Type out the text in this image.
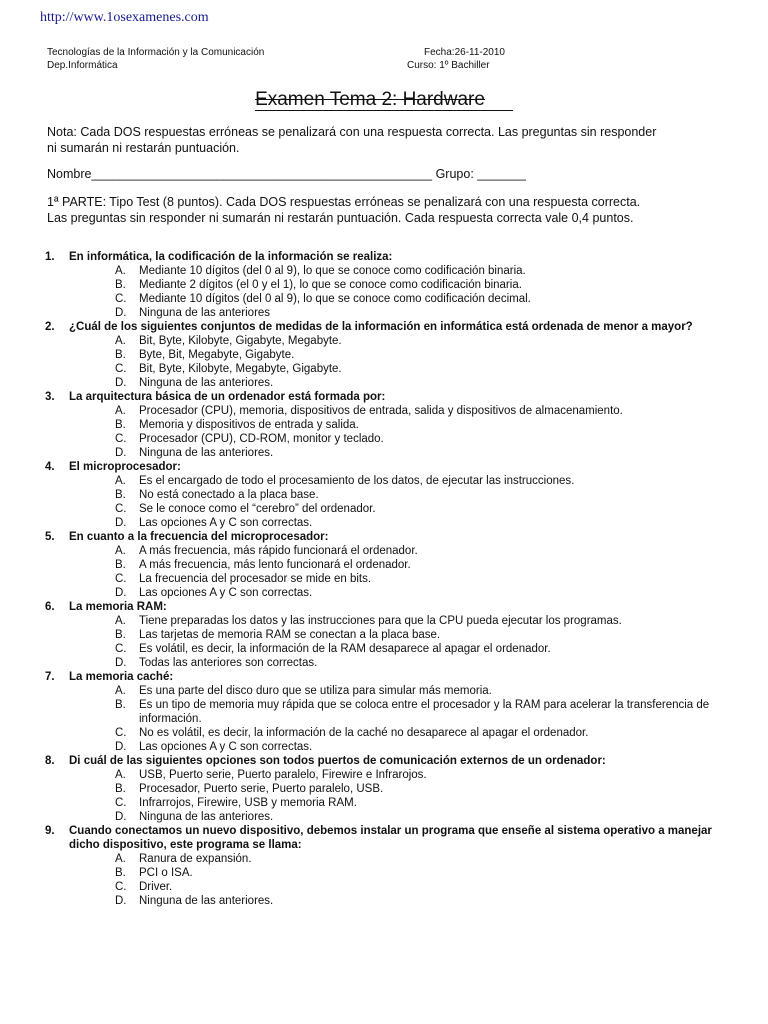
http://www.1osexamenes.com
Tecnologías de la Información y la Comunicación
Dep.Informática
Fecha:26-11-2010
Curso: 1º Bachiller
Examen Tema 2: Hardware
Nota: Cada DOS respuestas erróneas se penalizará con una respuesta correcta. Las preguntas sin responder ni sumarán ni restarán puntuación.
Nombre_________________________________________________ Grupo: _______
1ª PARTE: Tipo Test (8 puntos). Cada DOS respuestas erróneas se penalizará con una respuesta correcta. Las preguntas sin responder ni sumarán ni restarán puntuación. Cada respuesta correcta vale 0,4 puntos.
1.	En informática, la codificación de la información se realiza:
A.	Mediante 10 dígitos (del 0 al 9), lo que se conoce como codificación binaria.
B.	Mediante 2 dígitos (el 0 y el 1), lo que se conoce como codificación binaria.
C.	Mediante 10 dígitos (del 0 al 9), lo que se conoce como codificación decimal.
D.	Ninguna de las anteriores
2.	¿Cuál de los siguientes conjuntos de medidas de la información en informática está ordenada de menor a mayor?
A.	Bit, Byte, Kilobyte, Gigabyte, Megabyte.
B.	Byte, Bit, Megabyte, Gigabyte.
C.	Bit, Byte, Kilobyte, Megabyte, Gigabyte.
D.	Ninguna de las anteriores.
3.	La arquitectura básica de un ordenador está formada por:
A.	Procesador (CPU), memoria, dispositivos de entrada, salida y dispositivos de almacenamiento.
B.	Memoria y dispositivos de entrada y salida.
C.	Procesador (CPU), CD-ROM, monitor y teclado.
D.	Ninguna de las anteriores.
4.	El microprocesador:
A.	Es el encargado de todo el procesamiento de los datos, de ejecutar las instrucciones.
B.	No está conectado a la placa base.
C.	Se le conoce como el “cerebro” del ordenador.
D.	Las opciones A y C son correctas.
5.	En cuanto a la frecuencia del microprocesador:
A.	A más frecuencia, más rápido funcionará el ordenador.
B.	A más frecuencia, más lento funcionará el ordenador.
C.	La frecuencia del procesador se mide en bits.
D.	Las opciones A y C son correctas.
6.	La memoria RAM:
A.	Tiene preparadas los datos y las instrucciones para que la CPU pueda ejecutar los programas.
B.	Las tarjetas de memoria RAM se conectan a la placa base.
C.	Es volátil, es decir, la información de la RAM desaparece al apagar el ordenador.
D.	Todas las anteriores son correctas.
7.	La memoria caché:
A.	Es una parte del disco duro que se utiliza para simular más memoria.
B.	Es un tipo de memoria muy rápida que se coloca entre el procesador y la RAM para acelerar la transferencia de información.
C.	No es volátil, es decir, la información de la caché no desaparece al apagar el ordenador.
D.	Las opciones A y C son correctas.
8.	Di cuál de las siguientes opciones son todos puertos de comunicación externos de un ordenador:
A.	USB, Puerto serie, Puerto paralelo, Firewire e Infrarojos.
B.	Procesador, Puerto serie, Puerto paralelo, USB.
C.	Infrarrojos, Firewire, USB y memoria RAM.
D.	Ninguna de las anteriores.
9.	Cuando conectamos un nuevo dispositivo, debemos instalar un programa que enseñe al sistema operativo a manejar dicho dispositivo, este programa se llama:
A.	Ranura de expansión.
B.	PCI o ISA.
C.	Driver.
D.	Ninguna de las anteriores.
